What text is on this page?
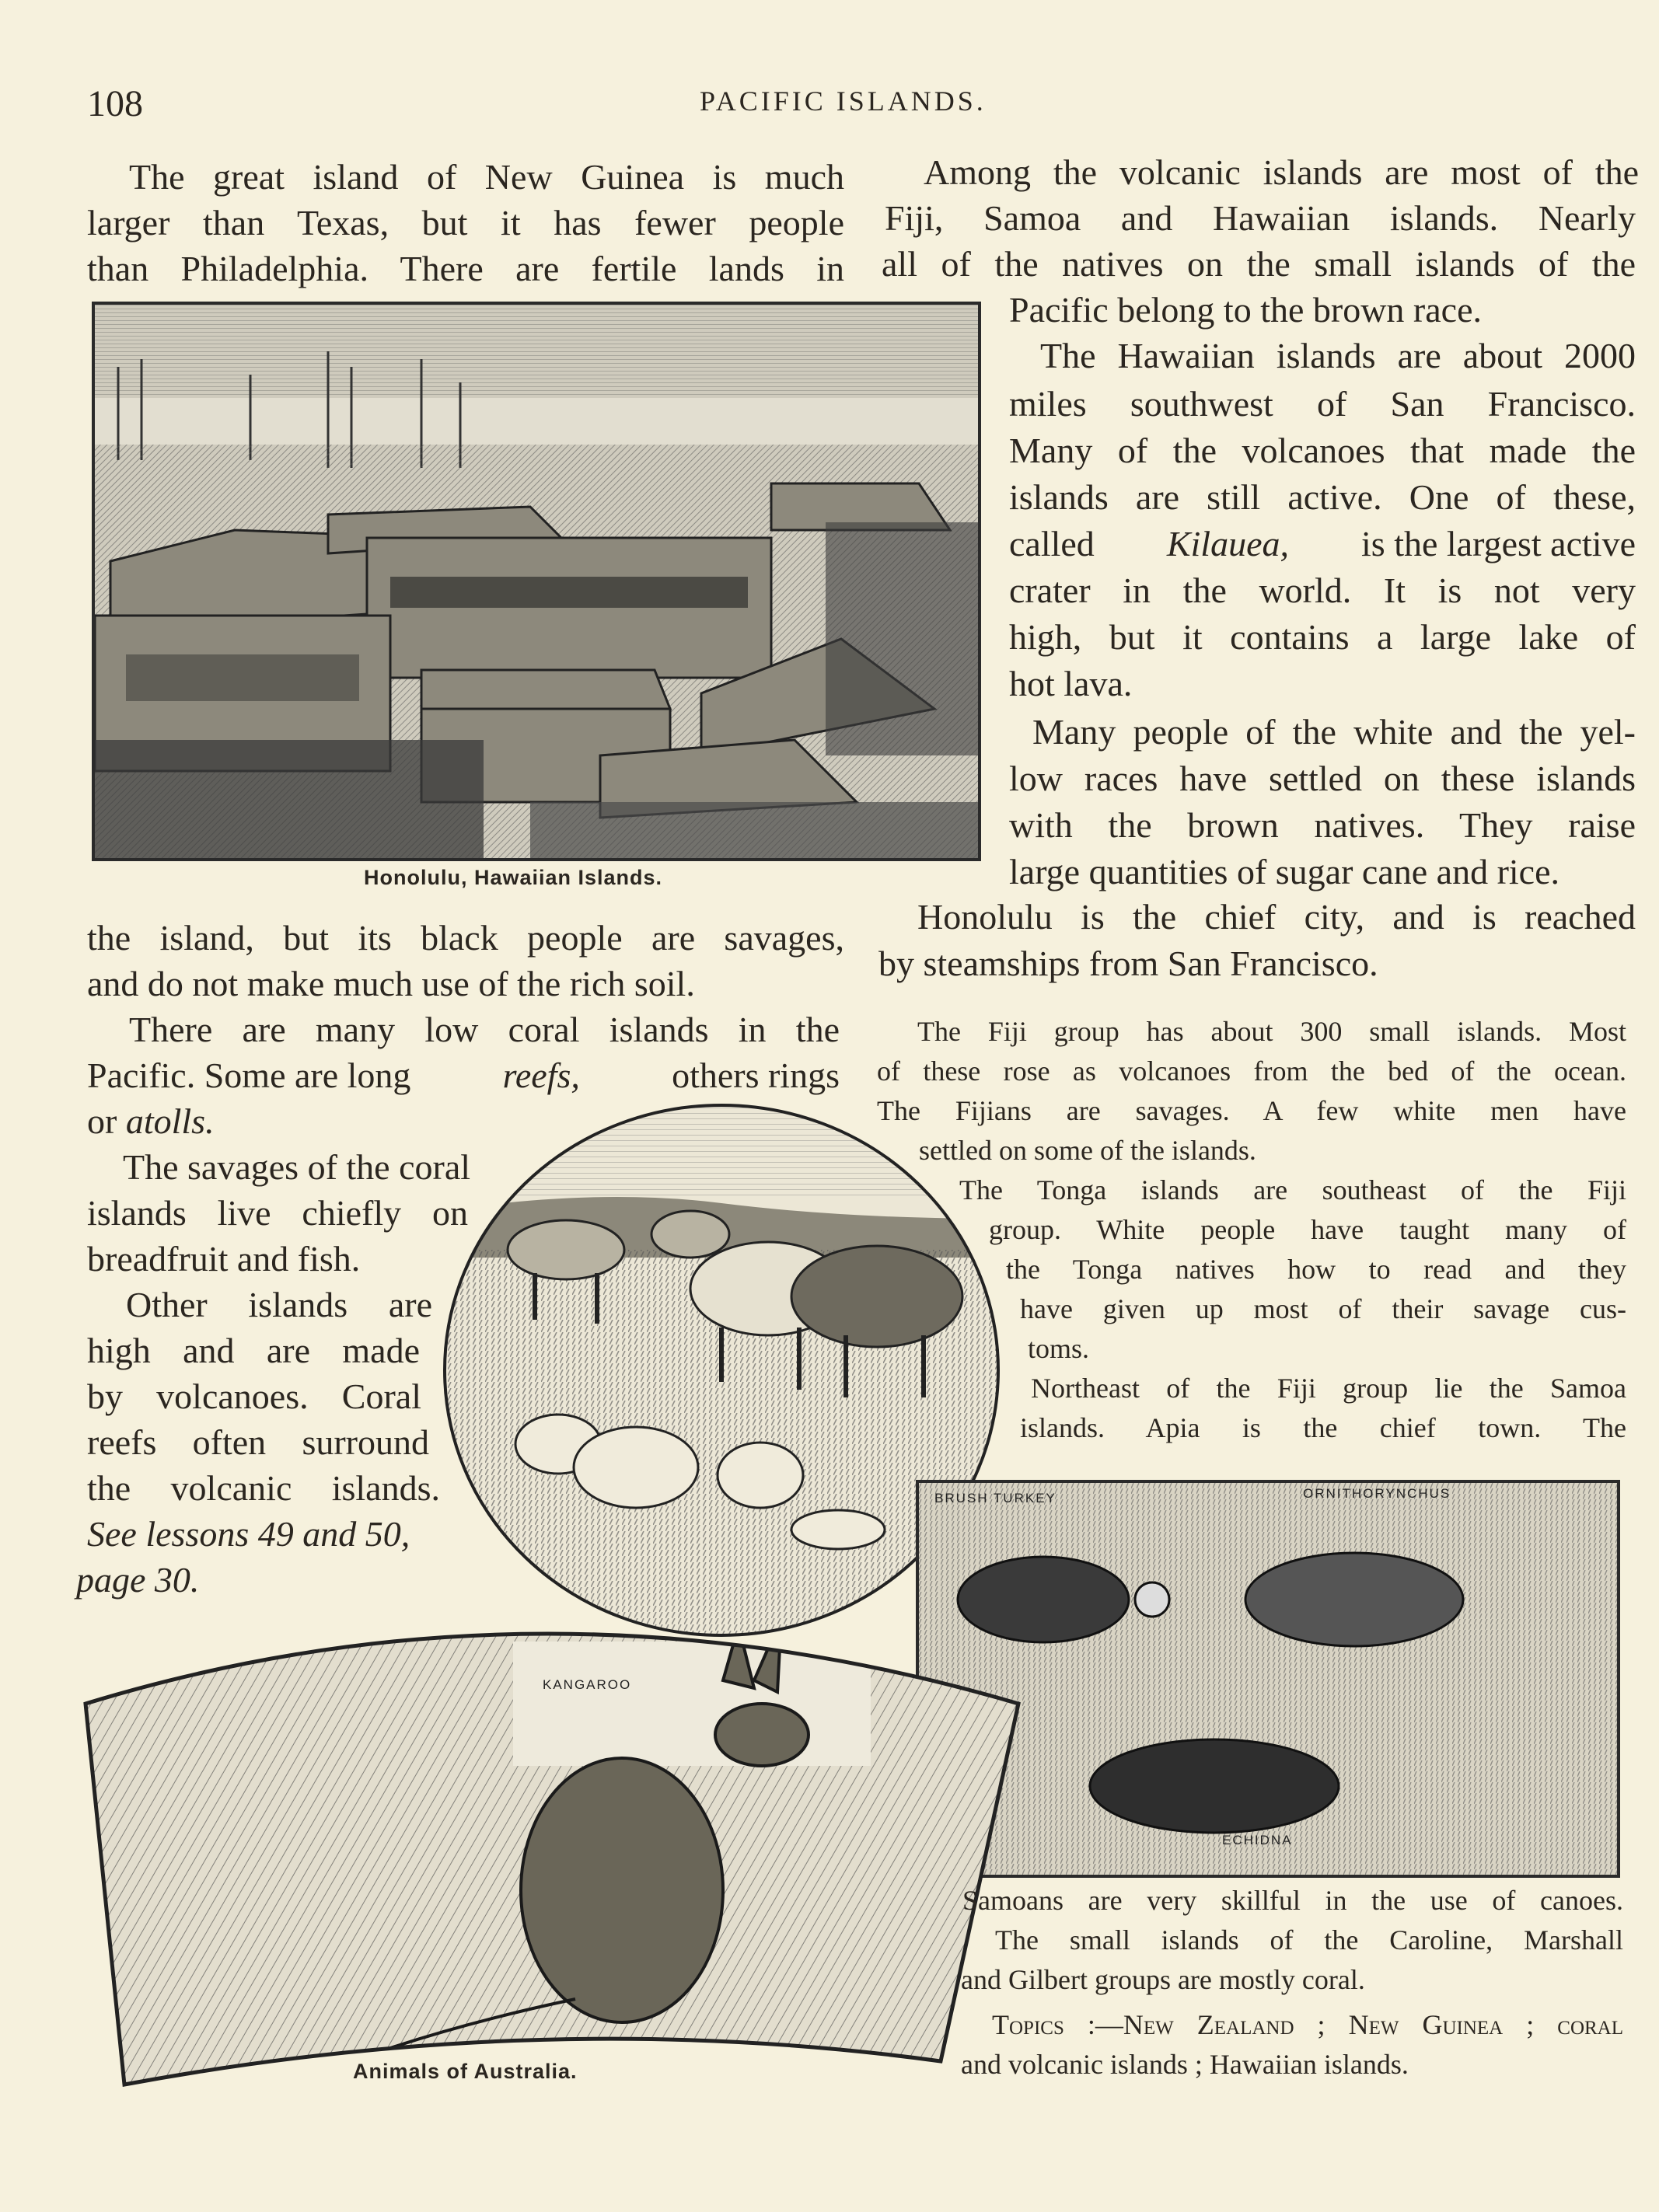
108	PACIFIC ISLANDS.
The great island of New Guinea is much
larger than Texas, but it has fewer people
than Philadelphia. There are fertile lands in
Honolulu, Hawaiian Islands.
the island, but its black people are savages,
and do not make much use of the rich soil.
There are many low coral islands in the
Pacific. Some are long	reefs,	others rings
or atolls.
The savages of the coral
islands live chiefly on
breadfruit and fish.
Other islands are
high and are made
by volcanoes. Coral
reefs often surround
the volcanic islands.
See lessons 49 and 50,
page 30.
Among the volcanic islands are most of the
Fiji, Samoa and Hawaiian islands. Nearly
all of the natives on the small islands of the
Pacific belong to the brown race.
The Hawaiian islands are about 2000
miles southwest of San Francisco.
Many of the volcanoes that made the
islands are still active. One of these,
called Kilauea, is the largest active
crater in the world. It is not very
high, but it contains a large lake of
hot lava.
Many people of the white and the yel-
low races have settled on these islands
with the brown natives. They raise
large quantities of sugar cane and rice.
Honolulu is the chief city, and is reached
by steamships from San Francisco.
The Fiji group has about 300 small islands. Most
of these rose as volcanoes from the bed of the ocean.
The Fijians are savages. A few white men have
settled on some of the islands.
The Tonga islands are southeast of the Fiji
group. White people have taught many of
the Tonga natives how to read and they
have given up most of their savage cus-
toms.
Northeast of the Fiji group lie the Samoa
islands. Apia is the chief town. The
BRUSH TURKEY	ORNITHORYNCHUS
ECHIDNA
KANGAROO
Animals of Australia.
Samoans are very skillful in the use of canoes.
The small islands of the Caroline, Marshall
and Gilbert groups are mostly coral.
Topics :—New Zealand ; New Guinea ; coral
and volcanic islands ; Hawaiian islands.
